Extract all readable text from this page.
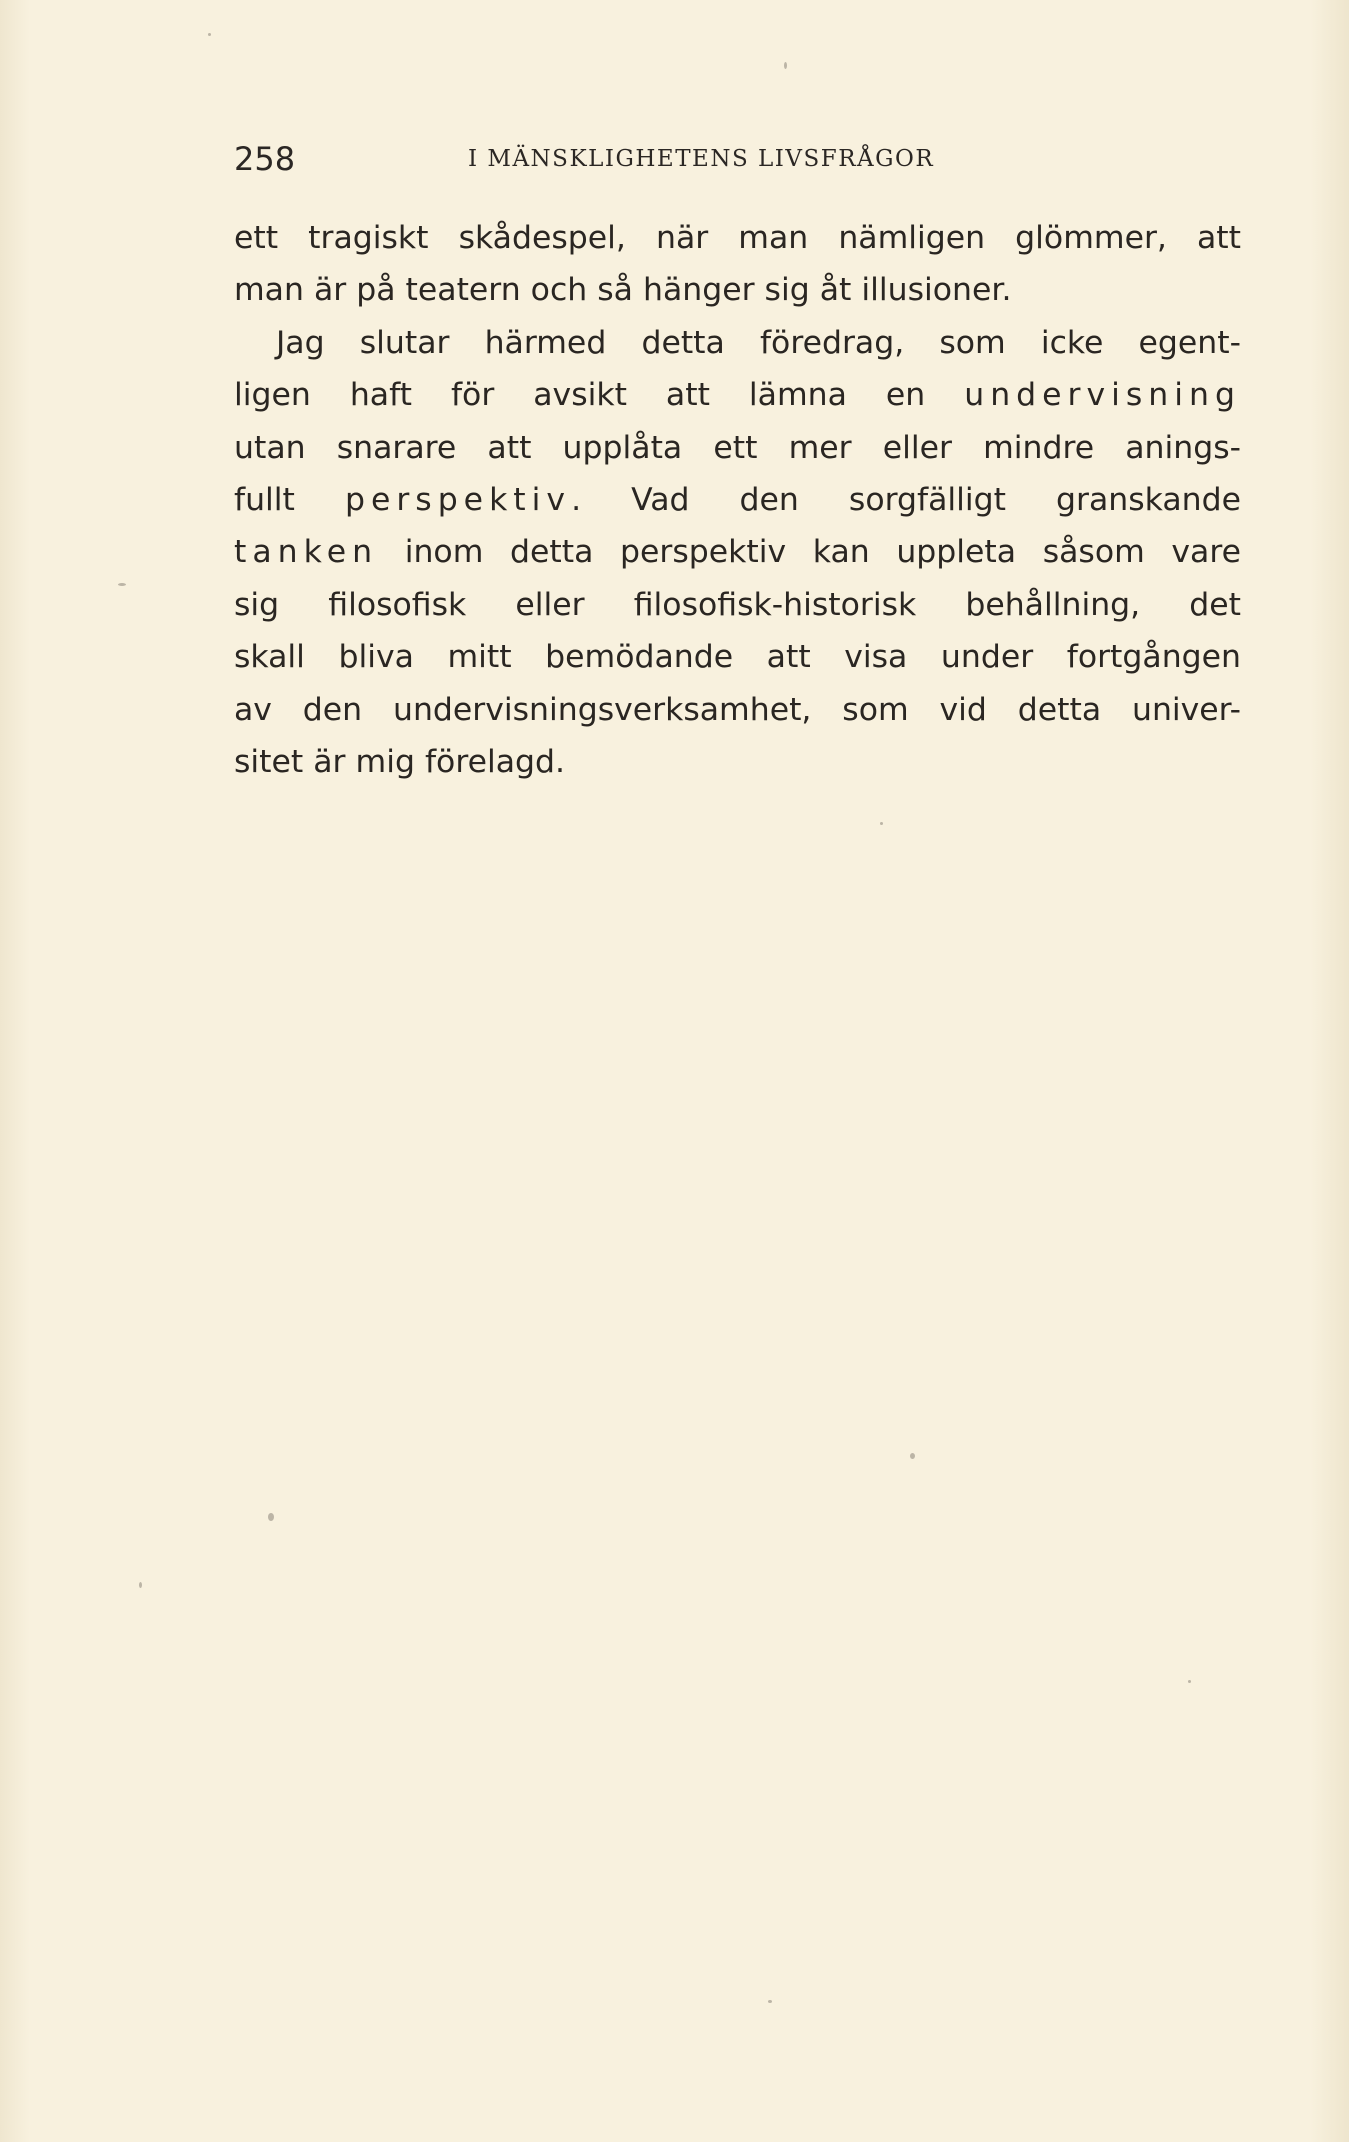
258	I MÄNSKLIGHETENS LIVSFRÅGOR
ett tragiskt skådespel, när man nämligen glömmer, att
man är på teatern och så hänger sig åt illusioner.
Jag slutar härmed detta föredrag, som icke egent-
ligen haft för avsikt att lämna en undervisning
utan snarare att upplåta ett mer eller mindre anings-
fullt perspektiv. Vad den sorgfälligt granskande
tanken inom detta perspektiv kan uppleta såsom vare
sig filosofisk eller filosofisk-historisk behållning, det
skall bliva mitt bemödande att visa under fortgången
av den undervisningsverksamhet, som vid detta univer-
sitet är mig förelagd.
